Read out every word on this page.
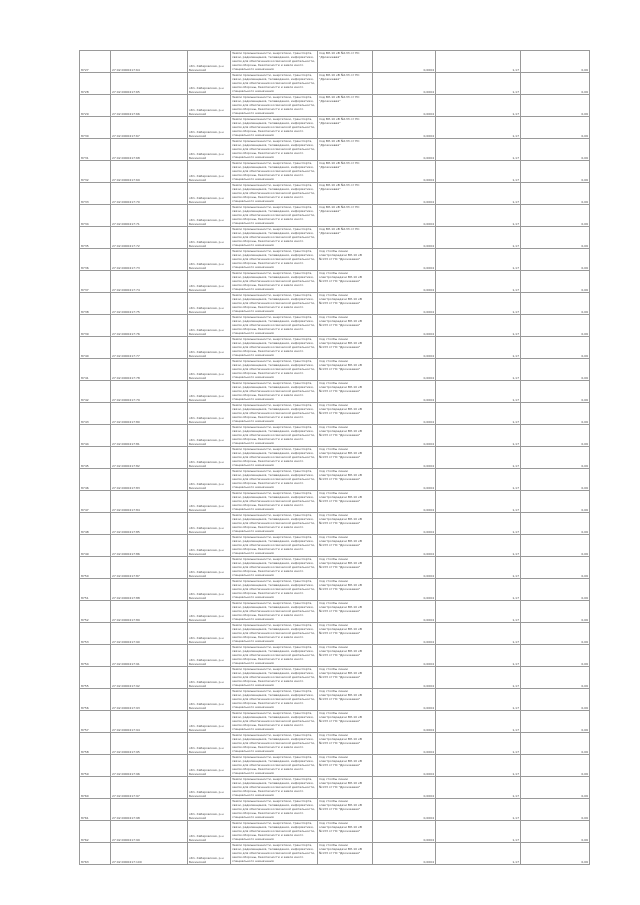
8727	27:02:0000417:64	обл. Хабаровская, р-н Бикинский	Земли промышленности, энергетики, транспорта, связи, радиовещания, телевидения, информатики, земли для обеспечения космической деятельности, земли обороны, безопасности и земли иного специального назначения	под ВЛ-10 кВ №133 от ПС "Дрожжевая"	0,0004	1,17	0,06
8728	27:02:0000417:65	обл. Хабаровская, р-н Бикинский	Земли промышленности, энергетики, транспорта, связи, радиовещания, телевидения, информатики, земли для обеспечения космической деятельности, земли обороны, безопасности и земли иного специального назначения	под ВЛ-10 кВ №133 от ПС "Дрожжевая"	0,0004	1,17	0,06
8729	27:02:0000417:66	обл. Хабаровская, р-н Бикинский	Земли промышленности, энергетики, транспорта, связи, радиовещания, телевидения, информатики, земли для обеспечения космической деятельности, земли обороны, безопасности и земли иного специального назначения	под ВЛ-10 кВ №133 от ПС "Дрожжевая"	0,0004	1,17	0,06
8730	27:02:0000417:67	обл. Хабаровская, р-н Бикинский	Земли промышленности, энергетики, транспорта, связи, радиовещания, телевидения, информатики, земли для обеспечения космической деятельности, земли обороны, безопасности и земли иного специального назначения	под ВЛ-10 кВ №133 от ПС "Дрожжевая"	0,0004	1,17	0,06
8731	27:02:0000417:68	обл. Хабаровская, р-н Бикинский	Земли промышленности, энергетики, транспорта, связи, радиовещания, телевидения, информатики, земли для обеспечения космической деятельности, земли обороны, безопасности и земли иного специального назначения	под ВЛ-10 кВ №133 от ПС "Дрожжевая"	0,0004	1,17	0,06
8732	27:02:0000417:69	обл. Хабаровская, р-н Бикинский	Земли промышленности, энергетики, транспорта, связи, радиовещания, телевидения, информатики, земли для обеспечения космической деятельности, земли обороны, безопасности и земли иного специального назначения	под ВЛ-10 кВ №133 от ПС "Дрожжевая"	0,0004	1,17	0,06
8733	27:02:0000417:70	обл. Хабаровская, р-н Бикинский	Земли промышленности, энергетики, транспорта, связи, радиовещания, телевидения, информатики, земли для обеспечения космической деятельности, земли обороны, безопасности и земли иного специального назначения	под ВЛ-10 кВ №133 от ПС "Дрожжевая"	0,0004	1,17	0,06
8734	27:02:0000417:71	обл. Хабаровская, р-н Бикинский	Земли промышленности, энергетики, транспорта, связи, радиовещания, телевидения, информатики, земли для обеспечения космической деятельности, земли обороны, безопасности и земли иного специального назначения	под ВЛ-10 кВ №133 от ПС "Дрожжевая"	0,0004	1,17	0,06
8735	27:02:0000417:72	обл. Хабаровская, р-н Бикинский	Земли промышленности, энергетики, транспорта, связи, радиовещания, телевидения, информатики, земли для обеспечения космической деятельности, земли обороны, безопасности и земли иного специального назначения	под ВЛ-10 кВ №133 от ПС "Дрожжевая"	0,0004	1,17	0,06
8736	27:02:0000417:73	обл. Хабаровская, р-н Бикинский	Земли промышленности, энергетики, транспорта, связи, радиовещания, телевидения, информатики, земли для обеспечения космической деятельности, земли обороны, безопасности и земли иного специального назначения	под столбы линии электропередачи ВЛ-10 кВ №133 от ПС "Дрожжевая"	0,0004	1,17	0,06
8737	27:02:0000417:74	обл. Хабаровская, р-н Бикинский	Земли промышленности, энергетики, транспорта, связи, радиовещания, телевидения, информатики, земли для обеспечения космической деятельности, земли обороны, безопасности и земли иного специального назначения	под столбы линии электропередачи ВЛ-10 кВ №133 от ПС "Дрожжевая"	0,0004	1,17	0,06
8738	27:02:0000417:75	обл. Хабаровская, р-н Бикинский	Земли промышленности, энергетики, транспорта, связи, радиовещания, телевидения, информатики, земли для обеспечения космической деятельности, земли обороны, безопасности и земли иного специального назначения	под столбы линии электропередачи ВЛ-10 кВ №133 от ПС "Дрожжевая"	0,0004	1,17	0,06
8739	27:02:0000417:76	обл. Хабаровская, р-н Бикинский	Земли промышленности, энергетики, транспорта, связи, радиовещания, телевидения, информатики, земли для обеспечения космической деятельности, земли обороны, безопасности и земли иного специального назначения	под столбы линии электропередачи ВЛ-10 кВ №133 от ПС "Дрожжевая"	0,0004	1,17	0,06
8740	27:02:0000417:77	обл. Хабаровская, р-н Бикинский	Земли промышленности, энергетики, транспорта, связи, радиовещания, телевидения, информатики, земли для обеспечения космической деятельности, земли обороны, безопасности и земли иного специального назначения	под столбы линии электропередачи ВЛ-10 кВ №133 от ПС "Дрожжевая"	0,0004	1,17	0,06
8741	27:02:0000417:78	обл. Хабаровская, р-н Бикинский	Земли промышленности, энергетики, транспорта, связи, радиовещания, телевидения, информатики, земли для обеспечения космической деятельности, земли обороны, безопасности и земли иного специального назначения	под столбы линии электропередачи ВЛ-10 кВ №133 от ПС "Дрожжевая"	0,0004	1,17	0,06
8742	27:02:0000417:79	обл. Хабаровская, р-н Бикинский	Земли промышленности, энергетики, транспорта, связи, радиовещания, телевидения, информатики, земли для обеспечения космической деятельности, земли обороны, безопасности и земли иного специального назначения	под столбы линии электропередачи ВЛ-10 кВ №133 от ПС "Дрожжевая"	0,0004	1,17	0,06
8743	27:02:0000417:80	обл. Хабаровская, р-н Бикинский	Земли промышленности, энергетики, транспорта, связи, радиовещания, телевидения, информатики, земли для обеспечения космической деятельности, земли обороны, безопасности и земли иного специального назначения	под столбы линии электропередачи ВЛ-10 кВ №133 от ПС "Дрожжевая"	0,0004	1,17	0,06
8744	27:02:0000417:81	обл. Хабаровская, р-н Бикинский	Земли промышленности, энергетики, транспорта, связи, радиовещания, телевидения, информатики, земли для обеспечения космической деятельности, земли обороны, безопасности и земли иного специального назначения	под столбы линии электропередачи ВЛ-10 кВ №133 от ПС "Дрожжевая"	0,0004	1,17	0,06
8745	27:02:0000417:82	обл. Хабаровская, р-н Бикинский	Земли промышленности, энергетики, транспорта, связи, радиовещания, телевидения, информатики, земли для обеспечения космической деятельности, земли обороны, безопасности и земли иного специального назначения	под столбы линии электропередачи ВЛ-10 кВ №133 от ПС "Дрожжевая"	0,0004	1,17	0,06
8746	27:02:0000417:83	обл. Хабаровская, р-н Бикинский	Земли промышленности, энергетики, транспорта, связи, радиовещания, телевидения, информатики, земли для обеспечения космической деятельности, земли обороны, безопасности и земли иного специального назначения	под столбы линии электропередачи ВЛ-10 кВ №133 от ПС "Дрожжевая"	0,0004	1,17	0,06
8747	27:02:0000417:84	обл. Хабаровская, р-н Бикинский	Земли промышленности, энергетики, транспорта, связи, радиовещания, телевидения, информатики, земли для обеспечения космической деятельности, земли обороны, безопасности и земли иного специального назначения	под столбы линии электропередачи ВЛ-10 кВ №133 от ПС "Дрожжевая"	0,0004	1,17	0,06
8748	27:02:0000417:85	обл. Хабаровская, р-н Бикинский	Земли промышленности, энергетики, транспорта, связи, радиовещания, телевидения, информатики, земли для обеспечения космической деятельности, земли обороны, безопасности и земли иного специального назначения	под столбы линии электропередачи ВЛ-10 кВ №133 от ПС "Дрожжевая"	0,0004	1,17	0,06
8749	27:02:0000417:86	обл. Хабаровская, р-н Бикинский	Земли промышленности, энергетики, транспорта, связи, радиовещания, телевидения, информатики, земли для обеспечения космической деятельности, земли обороны, безопасности и земли иного специального назначения	под столбы линии электропередачи ВЛ-10 кВ №133 от ПС "Дрожжевая"	0,0004	1,17	0,06
8750	27:02:0000417:87	обл. Хабаровская, р-н Бикинский	Земли промышленности, энергетики, транспорта, связи, радиовещания, телевидения, информатики, земли для обеспечения космической деятельности, земли обороны, безопасности и земли иного специального назначения	под столбы линии электропередачи ВЛ-10 кВ №133 от ПС "Дрожжевая"	0,0004	1,17	0,06
8751	27:02:0000417:88	обл. Хабаровская, р-н Бикинский	Земли промышленности, энергетики, транспорта, связи, радиовещания, телевидения, информатики, земли для обеспечения космической деятельности, земли обороны, безопасности и земли иного специального назначения	под столбы линии электропередачи ВЛ-10 кВ №133 от ПС "Дрожжевая"	0,0004	1,17	0,06
8752	27:02:0000417:89	обл. Хабаровская, р-н Бикинский	Земли промышленности, энергетики, транспорта, связи, радиовещания, телевидения, информатики, земли для обеспечения космической деятельности, земли обороны, безопасности и земли иного специального назначения	под столбы линии электропередачи ВЛ-10 кВ №133 от ПС "Дрожжевая"	0,0004	1,17	0,06
8753	27:02:0000417:90	обл. Хабаровская, р-н Бикинский	Земли промышленности, энергетики, транспорта, связи, радиовещания, телевидения, информатики, земли для обеспечения космической деятельности, земли обороны, безопасности и земли иного специального назначения	под столбы линии электропередачи ВЛ-10 кВ №133 от ПС "Дрожжевая"	0,0004	1,17	0,06
8754	27:02:0000417:91	обл. Хабаровская, р-н Бикинский	Земли промышленности, энергетики, транспорта, связи, радиовещания, телевидения, информатики, земли для обеспечения космической деятельности, земли обороны, безопасности и земли иного специального назначения	под столбы линии электропередачи ВЛ-10 кВ №133 от ПС "Дрожжевая"	0,0004	1,17	0,06
8755	27:02:0000417:92	обл. Хабаровская, р-н Бикинский	Земли промышленности, энергетики, транспорта, связи, радиовещания, телевидения, информатики, земли для обеспечения космической деятельности, земли обороны, безопасности и земли иного специального назначения	под столбы линии электропередачи ВЛ-10 кВ №133 от ПС "Дрожжевая"	0,0004	1,17	0,06
8756	27:02:0000417:93	обл. Хабаровская, р-н Бикинский	Земли промышленности, энергетики, транспорта, связи, радиовещания, телевидения, информатики, земли для обеспечения космической деятельности, земли обороны, безопасности и земли иного специального назначения	под столбы линии электропередачи ВЛ-10 кВ №133 от ПС "Дрожжевая"	0,0004	1,17	0,06
8757	27:02:0000417:94	обл. Хабаровская, р-н Бикинский	Земли промышленности, энергетики, транспорта, связи, радиовещания, телевидения, информатики, земли для обеспечения космической деятельности, земли обороны, безопасности и земли иного специального назначения	под столбы линии электропередачи ВЛ-10 кВ №133 от ПС "Дрожжевая"	0,0004	1,17	0,06
8758	27:02:0000417:95	обл. Хабаровская, р-н Бикинский	Земли промышленности, энергетики, транспорта, связи, радиовещания, телевидения, информатики, земли для обеспечения космической деятельности, земли обороны, безопасности и земли иного специального назначения	под столбы линии электропередачи ВЛ-10 кВ №133 от ПС "Дрожжевая"	0,0004	1,17	0,06
8759	27:02:0000417:96	обл. Хабаровская, р-н Бикинский	Земли промышленности, энергетики, транспорта, связи, радиовещания, телевидения, информатики, земли для обеспечения космической деятельности, земли обороны, безопасности и земли иного специального назначения	под столбы линии электропередачи ВЛ-10 кВ №133 от ПС "Дрожжевая"	0,0004	1,17	0,06
8760	27:02:0000417:97	обл. Хабаровская, р-н Бикинский	Земли промышленности, энергетики, транспорта, связи, радиовещания, телевидения, информатики, земли для обеспечения космической деятельности, земли обороны, безопасности и земли иного специального назначения	под столбы линии электропередачи ВЛ-10 кВ №133 от ПС "Дрожжевая"	0,0004	1,17	0,06
8761	27:02:0000417:98	обл. Хабаровская, р-н Бикинский	Земли промышленности, энергетики, транспорта, связи, радиовещания, телевидения, информатики, земли для обеспечения космической деятельности, земли обороны, безопасности и земли иного специального назначения	под столбы линии электропередачи ВЛ-10 кВ №133 от ПС "Дрожжевая"	0,0004	1,17	0,06
8762	27:02:0000417:99	обл. Хабаровская, р-н Бикинский	Земли промышленности, энергетики, транспорта, связи, радиовещания, телевидения, информатики, земли для обеспечения космической деятельности, земли обороны, безопасности и земли иного специального назначения	под столбы линии электропередачи ВЛ-10 кВ №133 от ПС "Дрожжевая"	0,0004	1,17	0,06
8763	27:02:0000417:100	обл. Хабаровская, р-н Бикинский	Земли промышленности, энергетики, транспорта, связи, радиовещания, телевидения, информатики, земли для обеспечения космической деятельности, земли обороны, безопасности и земли иного специального назначения	под столбы линии электропередачи ВЛ-10 кВ №133 от ПС "Дрожжевая"	0,0004	1,17	0,06
